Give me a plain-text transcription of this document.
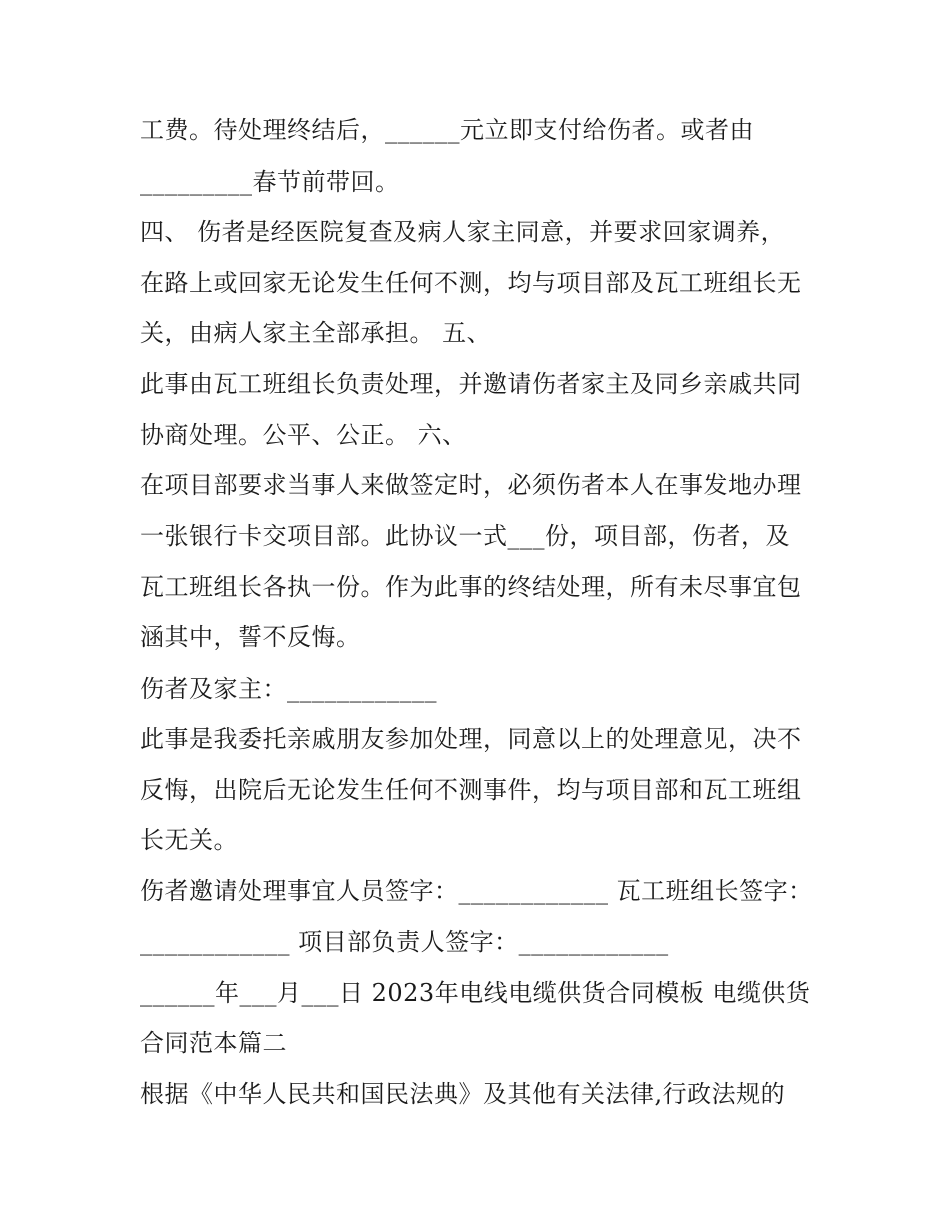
工费。待处理终结后，______元立即支付给伤者。或者由
_________春节前带回。
四、 伤者是经医院复查及病人家主同意，并要求回家调养，
在路上或回家无论发生任何不测，均与项目部及瓦工班组长无
关，由病人家主全部承担。 五、
此事由瓦工班组长负责处理，并邀请伤者家主及同乡亲戚共同
协商处理。公平、公正。 六、
在项目部要求当事人来做签定时，必须伤者本人在事发地办理
一张银行卡交项目部。此协议一式___份，项目部，伤者，及
瓦工班组长各执一份。作为此事的终结处理，所有未尽事宜包
涵其中，誓不反悔。
伤者及家主：____________
此事是我委托亲戚朋友参加处理，同意以上的处理意见，决不
反悔，出院后无论发生任何不测事件，均与项目部和瓦工班组
长无关。
伤者邀请处理事宜人员签字：____________ 瓦工班组长签字：
____________ 项目部负责人签字：____________
______年___月___日 2023年电线电缆供货合同模板 电缆供货
合同范本篇二
根据《中华人民共和国民法典》及其他有关法律,行政法规的
